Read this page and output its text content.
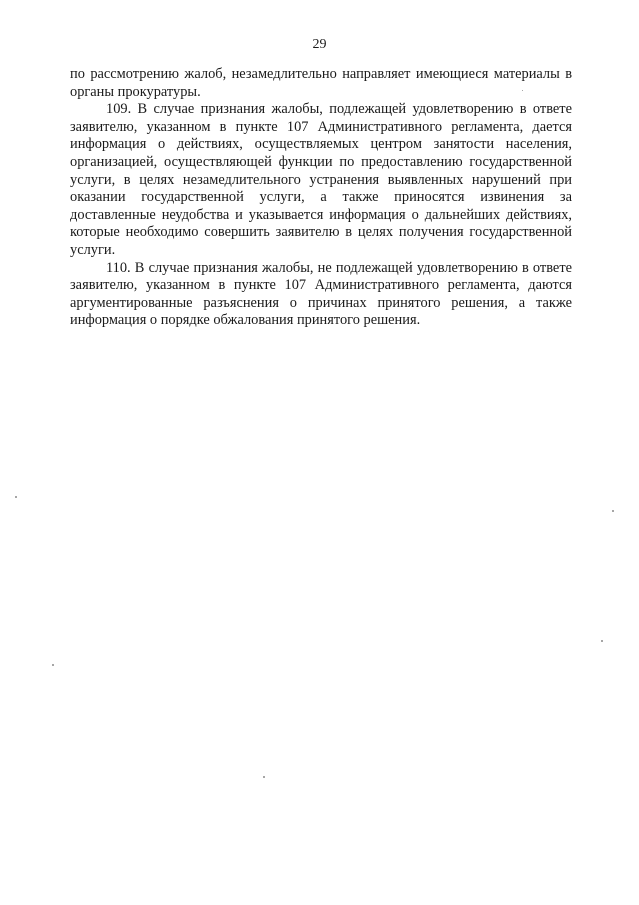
29

по рассмотрению жалоб, незамедлительно направляет имеющиеся материалы в органы прокуратуры.

109. В случае признания жалобы, подлежащей удовлетворению в ответе заявителю, указанном в пункте 107 Административного регламента, дается информация о действиях, осуществляемых центром занятости населения, организацией, осуществляющей функции по предоставлению государственной услуги, в целях незамедлительного устранения выявленных нарушений при оказании государственной услуги, а также приносятся извинения за доставленные неудобства и указывается информация о дальнейших действиях, которые необходимо совершить заявителю в целях получения государственной услуги.

110. В случае признания жалобы, не подлежащей удовлетворению в ответе заявителю, указанном в пункте 107 Административного регламента, даются аргументированные разъяснения о причинах принятого решения, а также информация о порядке обжалования принятого решения.
